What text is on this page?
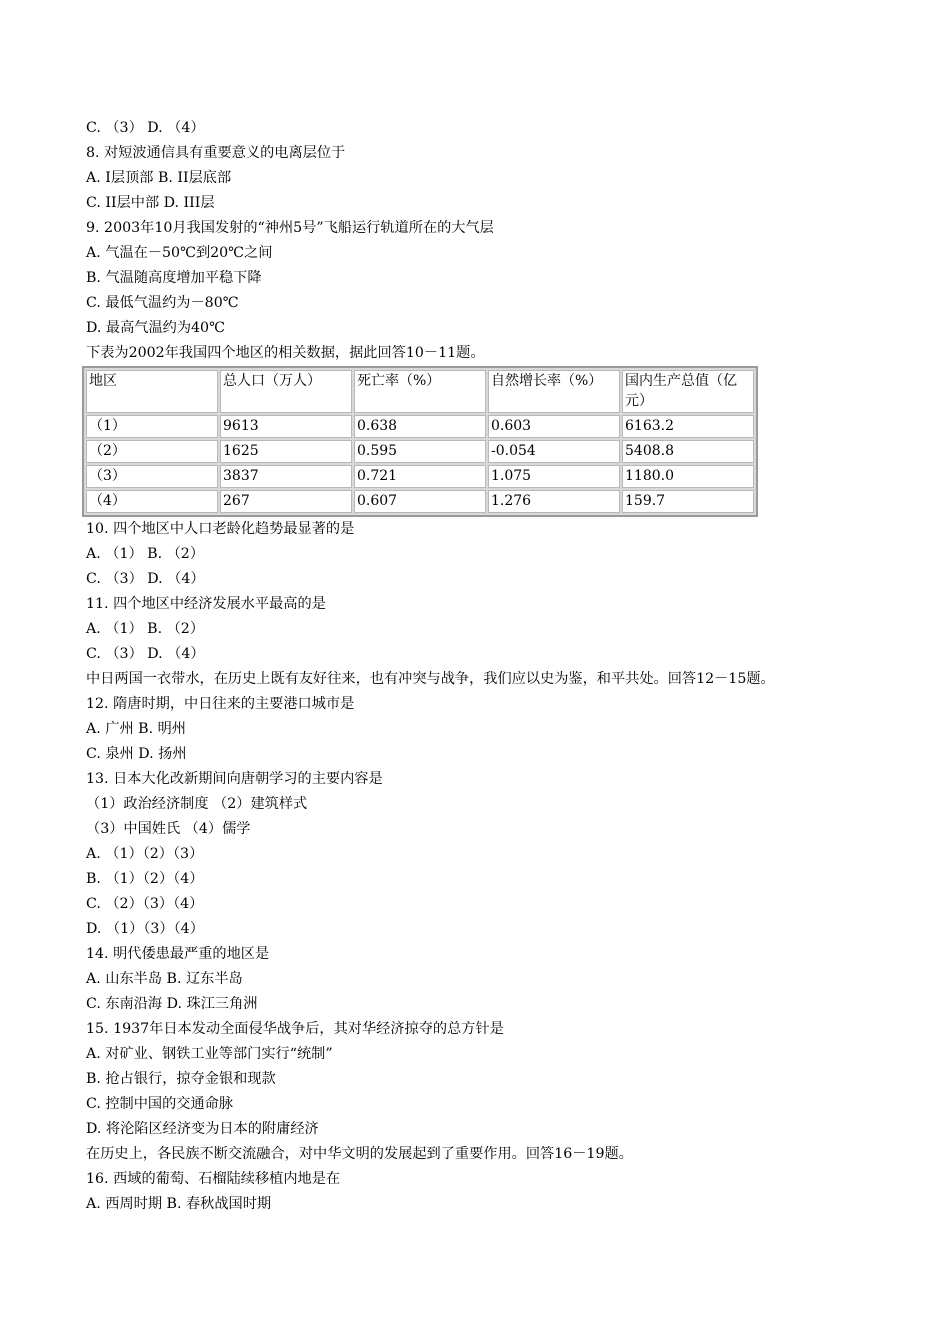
C. （3） D. （4）
8. 对短波通信具有重要意义的电离层位于
A. I层顶部 B. II层底部
C. II层中部 D. III层
9. 2003年10月我国发射的“神州5号”飞船运行轨道所在的大气层
A. 气温在－50℃到20℃之间
B. 气温随高度增加平稳下降
C. 最低气温约为－80℃
D. 最高气温约为40℃
下表为2002年我国四个地区的相关数据，据此回答10－11题。
地区	总人口（万人）	死亡率（%）	自然增长率（%）	国内生产总值（亿元）
（1）	9613	0.638	0.603	6163.2
（2）	1625	0.595	-0.054	5408.8
（3）	3837	0.721	1.075	1180.0
（4）	267	0.607	1.276	159.7
10. 四个地区中人口老龄化趋势最显著的是
A. （1） B. （2）
C. （3） D. （4）
11. 四个地区中经济发展水平最高的是
A. （1） B. （2）
C. （3） D. （4）
中日两国一衣带水，在历史上既有友好往来，也有冲突与战争，我们应以史为鉴，和平共处。回答12－15题。
12. 隋唐时期，中日往来的主要港口城市是
A. 广州 B. 明州
C. 泉州 D. 扬州
13. 日本大化改新期间向唐朝学习的主要内容是
（1）政治经济制度 （2）建筑样式
（3）中国姓氏 （4）儒学
A. （1）（2）（3）
B. （1）（2）（4）
C. （2）（3）（4）
D. （1）（3）（4）
14. 明代倭患最严重的地区是
A. 山东半岛 B. 辽东半岛
C. 东南沿海 D. 珠江三角洲
15. 1937年日本发动全面侵华战争后，其对华经济掠夺的总方针是
A. 对矿业、钢铁工业等部门实行“统制”
B. 抢占银行，掠夺金银和现款
C. 控制中国的交通命脉
D. 将沦陷区经济变为日本的附庸经济
在历史上，各民族不断交流融合，对中华文明的发展起到了重要作用。回答16－19题。
16. 西域的葡萄、石榴陆续移植内地是在
A. 西周时期 B. 春秋战国时期
